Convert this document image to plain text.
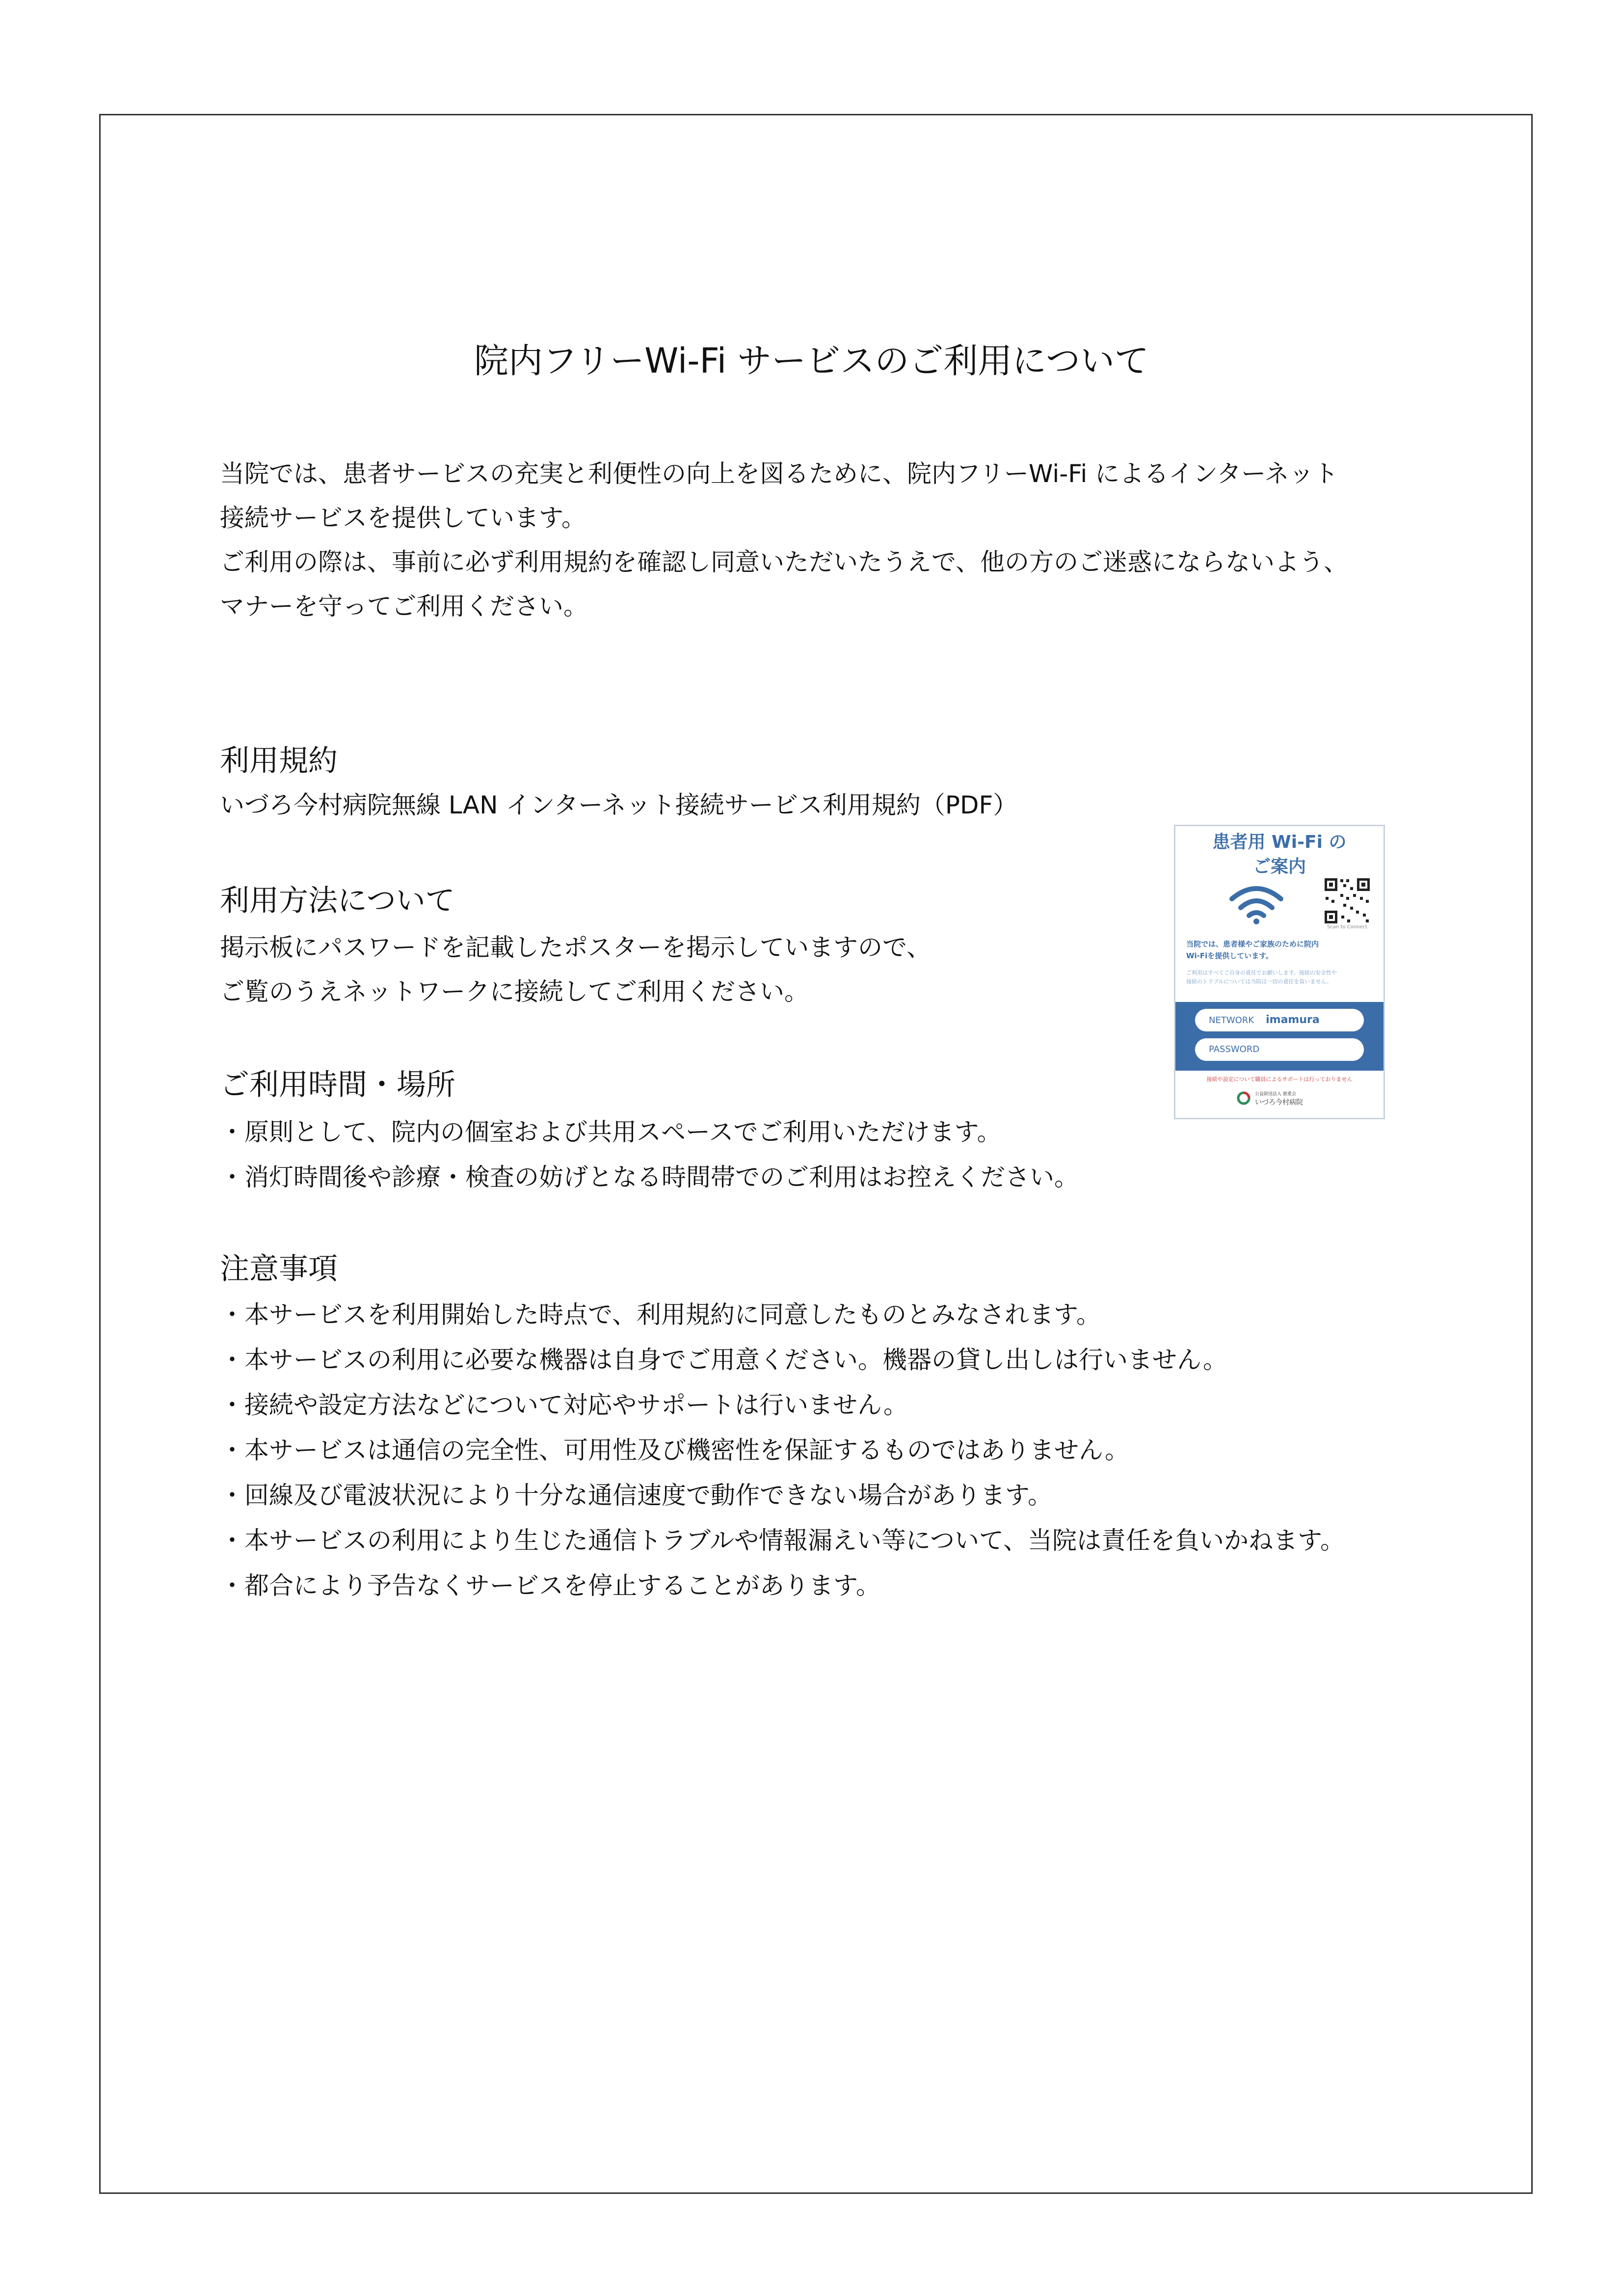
院内フリーWi-Fi サービスのご利用について

当院では、患者サービスの充実と利便性の向上を図るために、院内フリーWi-Fi によるインターネット

接続サービスを提供しています。

ご利用の際は、事前に必ず利用規約を確認し同意いただいたうえで、他の方のご迷惑にならないよう、

マナーを守ってご利用ください。

利用規約
いづろ今村病院無線 LAN インターネット接続サービス利用規約（PDF）
利用方法について

掲示板にパスワードを記載したポスターを掲示していますので、

ご覧のうえネットワークに接続してご利用ください。

ご利用時間・場所
・原則として、院内の個室および共用スペースでご利用いただけます。
・消灯時間後や診療・検査の妨げとなる時間帯でのご利用はお控えください。
注意事項
・本サービスを利用開始した時点で、利用規約に同意したものとみなされます。
・本サービスの利用に必要な機器は自身でご用意ください。機器の貸し出しは行いません。
・接続や設定方法などについて対応やサポートは行いません。
・本サービスは通信の完全性、可用性及び機密性を保証するものではありません。
・回線及び電波状況により十分な通信速度で動作できない場合があります。
・本サービスの利用により生じた通信トラブルや情報漏えい等について、当院は責任を負いかねます。
・都合により予告なくサービスを停止することがあります。
患者用 Wi-Fi の
ご案内
Scan to Connect
当院では、患者様やご家族のために院内
Wi-Fiを提供しています。
ご利用はすべてご自身の責任でお願いします。接続の安全性や
接続のトラブルについては当院は一切の責任を負いません。
NETWORK imamura
PASSWORD
接続や設定について職員によるサポートは行っておりません
公益財団法人 慈愛会
いづろ今村病院
